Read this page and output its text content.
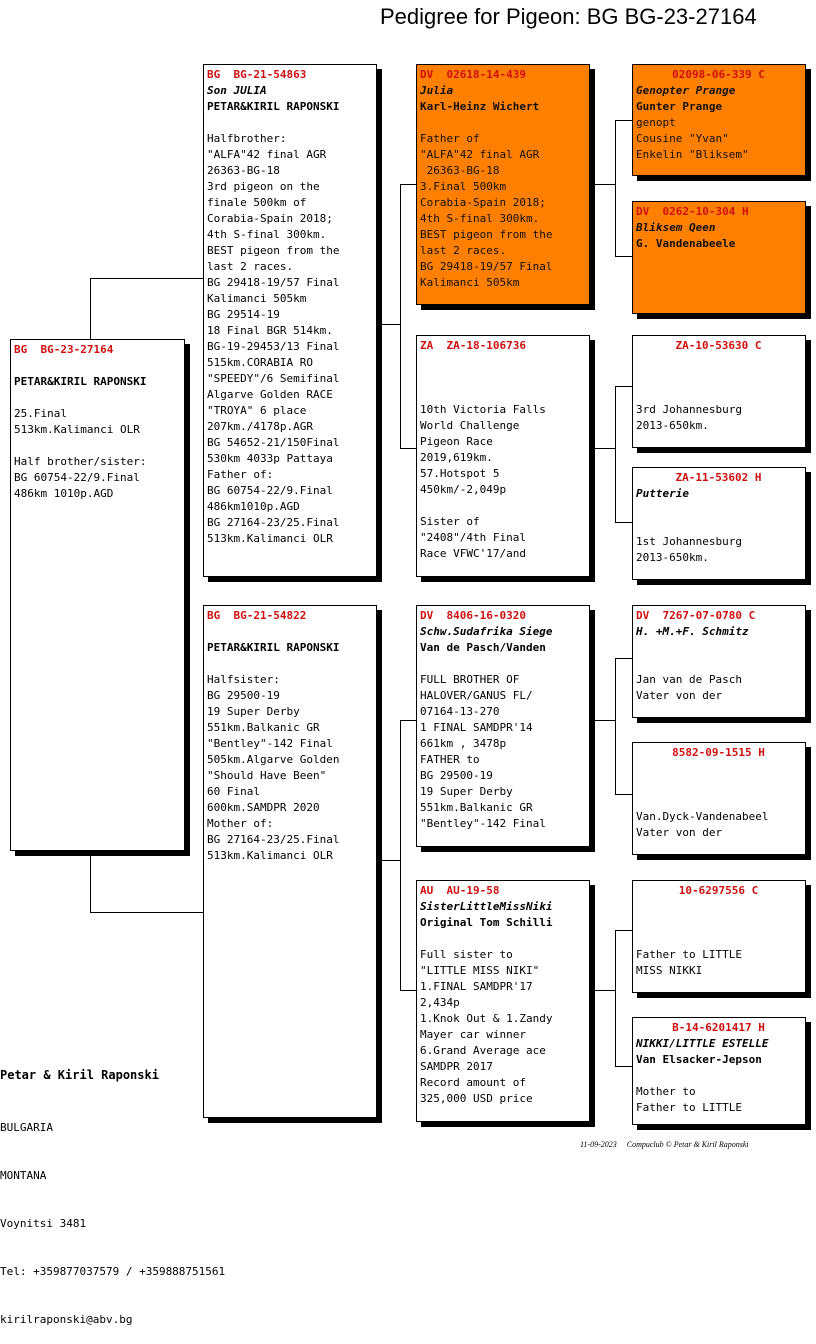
Pedigree for Pigeon: BG BG-23-27164
BG  BG-23-27164
PETAR&KIRIL RAPONSKI
25.Final
513km.Kalimanci OLR
Half brother/sister:
BG 60754-22/9.Final
486km 1010p.AGD
BG  BG-21-54863
Son JULIA
PETAR&KIRIL RAPONSKI
Halfbrother:
"ALFA"42 final AGR
26363-BG-18
3rd pigeon on the
finale 500km of
Corabia-Spain 2018;
4th S-final 300km.
BEST pigeon from the
last 2 races.
BG 29418-19/57 Final
Kalimanci 505km
BG 29514-19
18 Final BGR 514km.
BG-19-29453/13 Final
515km.CORABIA RO
"SPEEDY"/6 Semifinal
Algarve Golden RACE
"TROYA" 6 place
207km./4178p.AGR
BG 54652-21/150Final
530km 4033p Pattaya
Father of:
BG 60754-22/9.Final
486km1010p.AGD
BG 27164-23/25.Final
513km.Kalimanci OLR
BG  BG-21-54822
PETAR&KIRIL RAPONSKI
Halfsister:
BG 29500-19
19 Super Derby
551km.Balkanic GR
"Bentley"-142 Final
505km.Algarve Golden
"Should Have Been"
60 Final
600km.SAMDPR 2020
Mother of:
BG 27164-23/25.Final
513km.Kalimanci OLR
DV  02618-14-439
Julia
Karl-Heinz Wichert
Father of
"ALFA"42 final AGR
26363-BG-18
3.Final 500km
Corabia-Spain 2018;
4th S-final 300km.
BEST pigeon from the
last 2 races.
BG 29418-19/57 Final
Kalimanci 505km
ZA  ZA-18-106736
10th Victoria Falls
World Challenge
Pigeon Race
2019,619km.
57.Hotspot 5
450km/-2,049p
Sister of
"2408"/4th Final
Race VFWC'17/and
DV  8406-16-0320
Schw.Sudafrika Siege
Van de Pasch/Vanden
FULL BROTHER OF
HALOVER/GANUS FL/
07164-13-270
1 FINAL SAMDPR'14
661km , 3478p
FATHER to
BG 29500-19
19 Super Derby
551km.Balkanic GR
"Bentley"-142 Final
AU  AU-19-58
SisterLittleMissNiki
Original Tom Schilli
Full sister to
"LITTLE MISS NIKI"
1.FINAL SAMDPR'17
2,434p
1.Knok Out & 1.Zandy
Mayer car winner
6.Grand Average ace
SAMDPR 2017
Record amount of
325,000 USD price
02098-06-339 C
Genopter Prange
Gunter Prange
genopt
Cousine "Yvan"
Enkelin "Bliksem"
DV  0262-10-304 H
Bliksem Qeen
G. Vandenabeele
ZA-10-53630 C
3rd Johannesburg
2013-650km.
ZA-11-53602 H
Putterie
1st Johannesburg
2013-650km.
DV  7267-07-0780 C
H. +M.+F. Schmitz
Jan van de Pasch
Vater von der
8582-09-1515 H
Van.Dyck-Vandenabeel
Vater von der
10-6297556 C
Father to LITTLE
MISS NIKKI
B-14-6201417 H
NIKKI/LITTLE ESTELLE
Van Elsacker-Jepson
Mother to
Father to LITTLE

Petar & Kiril Raponski

BULGARIA

MONTANA

Voynitsi 3481

Tel: +359877037579 / +359888751561

kirilraponski@abv.bg

11-09-2023 Compuclub © Petar & Kiril Raponski
